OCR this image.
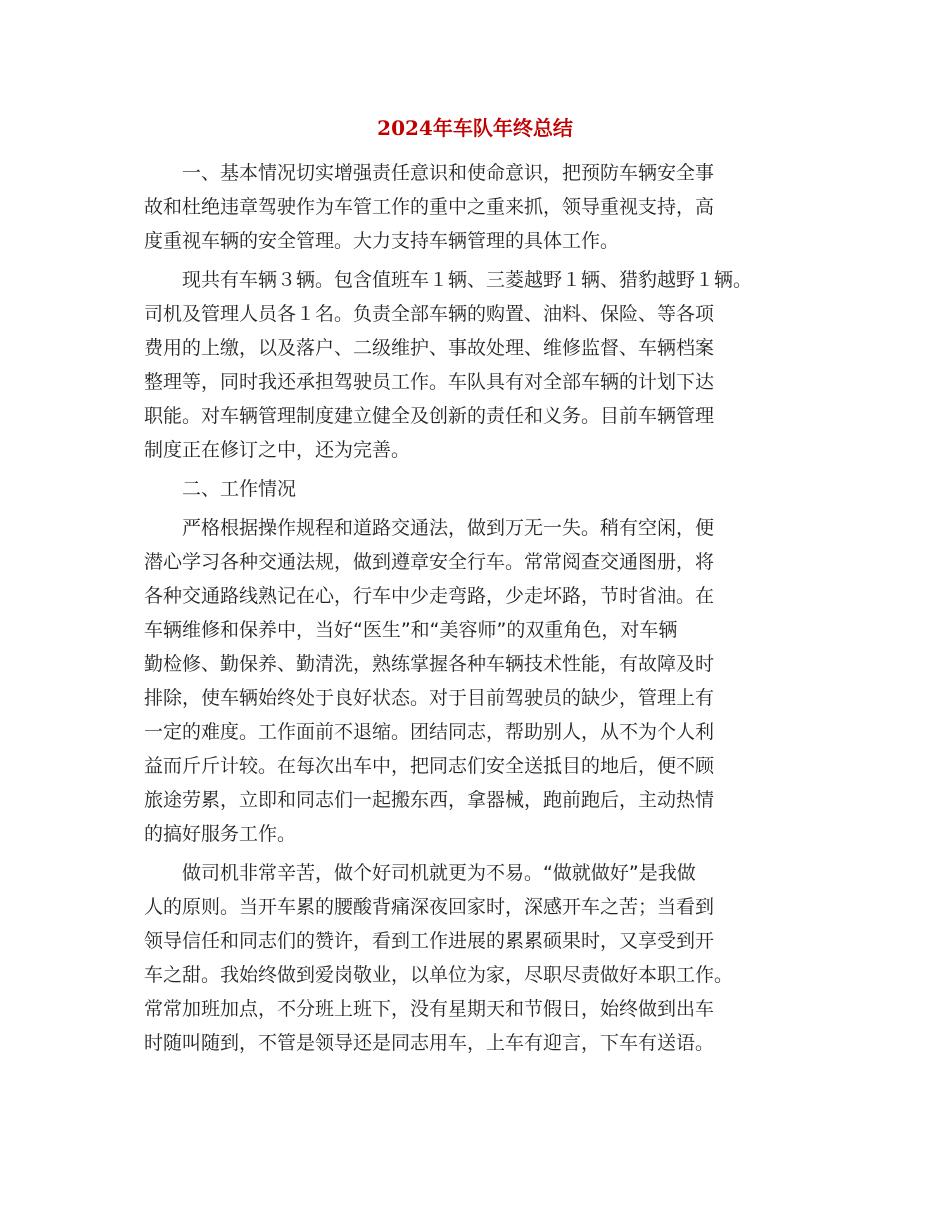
2024年车队年终总结

一、基本情况切实增强责任意识和使命意识，把预防车辆安全事
故和杜绝违章驾驶作为车管工作的重中之重来抓，领导重视支持，高
度重视车辆的安全管理。大力支持车辆管理的具体工作。

现共有车辆３辆。包含值班车１辆、三菱越野１辆、猎豹越野１辆。
司机及管理人员各１名。负责全部车辆的购置、油料、保险、等各项
费用的上缴，以及落户、二级维护、事故处理、维修监督、车辆档案
整理等，同时我还承担驾驶员工作。车队具有对全部车辆的计划下达
职能。对车辆管理制度建立健全及创新的责任和义务。目前车辆管理
制度正在修订之中，还为完善。

二、工作情况

严格根据操作规程和道路交通法，做到万无一失。稍有空闲，便
潜心学习各种交通法规，做到遵章安全行车。常常阅查交通图册，将
各种交通路线熟记在心，行车中少走弯路，少走坏路，节时省油。在
车辆维修和保养中，当好“医生”和“美容师”的双重角色，对车辆
勤检修、勤保养、勤清洗，熟练掌握各种车辆技术性能，有故障及时
排除，使车辆始终处于良好状态。对于目前驾驶员的缺少，管理上有
一定的难度。工作面前不退缩。团结同志，帮助别人，从不为个人利
益而斤斤计较。在每次出车中，把同志们安全送抵目的地后，便不顾
旅途劳累，立即和同志们一起搬东西，拿器械，跑前跑后，主动热情
的搞好服务工作。

做司机非常辛苦，做个好司机就更为不易。“做就做好”是我做
人的原则。当开车累的腰酸背痛深夜回家时，深感开车之苦；当看到
领导信任和同志们的赞许，看到工作进展的累累硕果时，又享受到开
车之甜。我始终做到爱岗敬业，以单位为家，尽职尽责做好本职工作。
常常加班加点，不分班上班下，没有星期天和节假日，始终做到出车
时随叫随到，不管是领导还是同志用车，上车有迎言，下车有送语。
